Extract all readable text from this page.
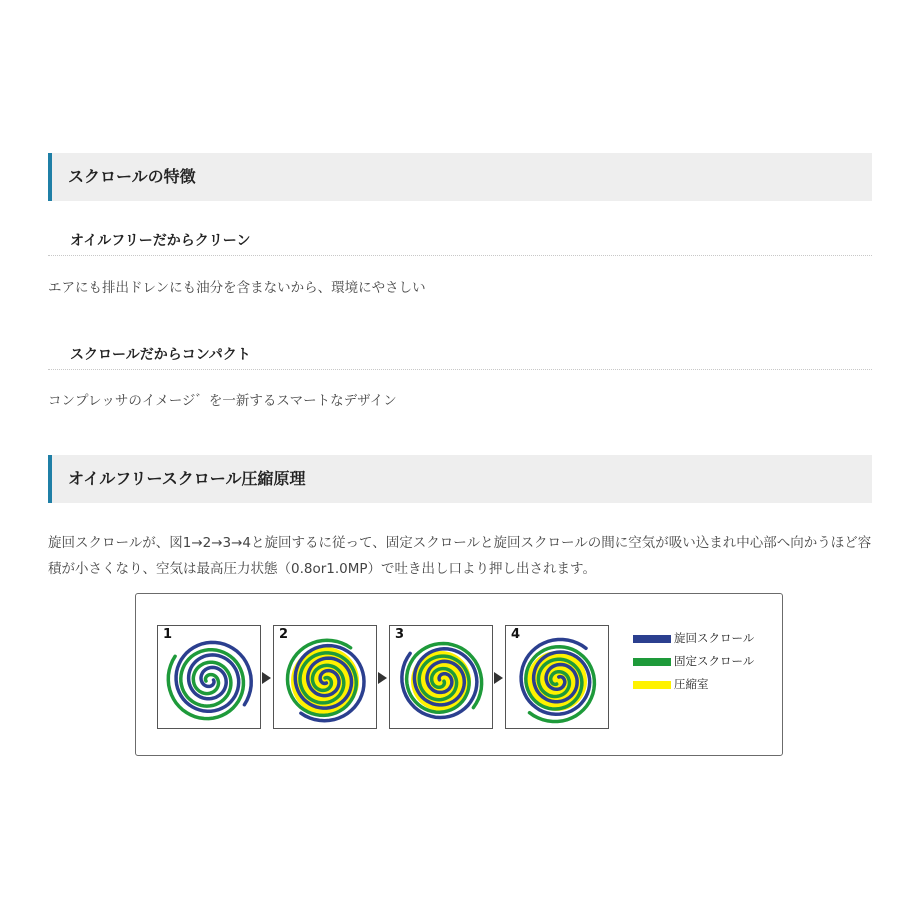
スクロールの特徴
オイルフリーだからクリーン
エアにも排出ドレンにも油分を含まないから、環境にやさしい
スクロールだからコンパクト
コンプレッサのイメージ゛を一新するスマートなデザイン
オイルフリースクロール圧縮原理
旋回スクロールが、図1→2→3→4と旋回するに従って、固定スクロールと旋回スクロールの間に空気が吸い込まれ中心部へ向かうほど容積が小さくなり、空気は最高圧力状態（0.8or1.0MP）で吐き出し口より押し出されます。
1	2	3	4	旋回スクロール
固定スクロール
圧縮室
